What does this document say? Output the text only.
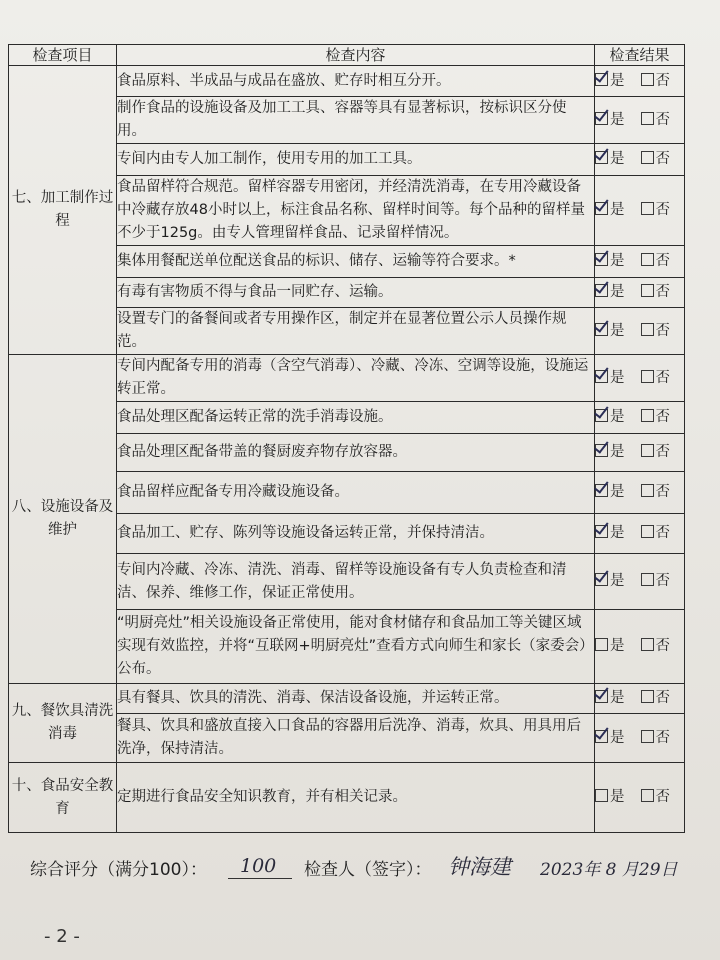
检查项目	检查内容	检查结果
七、加工制作过程	食品原料、半成品与成品在盛放、贮存时相互分开。	是 否
	制作食品的设施设备及加工工具、容器等具有显著标识，按标识区分使用。	是 否
	专间内由专人加工制作，使用专用的加工工具。	是 否
	食品留样符合规范。留样容器专用密闭，并经清洗消毒，在专用冷藏设备中冷藏存放48小时以上，标注食品名称、留样时间等。每个品种的留样量不少于125g。由专人管理留样食品、记录留样情况。	是 否
	集体用餐配送单位配送食品的标识、储存、运输等符合要求。*	是 否
	有毒有害物质不得与食品一同贮存、运输。	是 否
	设置专门的备餐间或者专用操作区，制定并在显著位置公示人员操作规范。	是 否
八、设施设备及维护	专间内配备专用的消毒（含空气消毒）、冷藏、冷冻、空调等设施，设施运转正常。	是 否
	食品处理区配备运转正常的洗手消毒设施。	是 否
	食品处理区配备带盖的餐厨废弃物存放容器。	是 否
	食品留样应配备专用冷藏设施设备。	是 否
	食品加工、贮存、陈列等设施设备运转正常，并保持清洁。	是 否
	专间内冷藏、冷冻、清洗、消毒、留样等设施设备有专人负责检查和清洁、保养、维修工作，保证正常使用。	是 否
	“明厨亮灶”相关设施设备正常使用，能对食材储存和食品加工等关键区域实现有效监控，并将“互联网+明厨亮灶”查看方式向师生和家长（家委会）公布。	是 否
九、餐饮具清洗消毒	具有餐具、饮具的清洗、消毒、保洁设备设施，并运转正常。	是 否
	餐具、饮具和盛放直接入口食品的容器用后洗净、消毒，炊具、用具用后洗净，保持清洁。	是 否
十、食品安全教育	定期进行食品安全知识教育，并有相关记录。	是 否
综合评分（满分100）： 100 检查人（签字）： 钟海建 2023年 8 月29日
- 2 -
